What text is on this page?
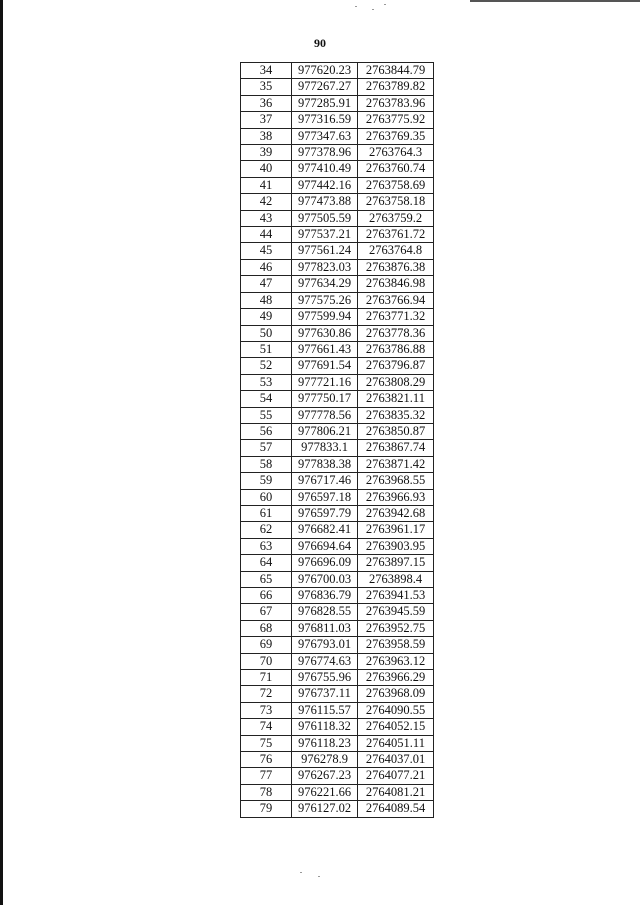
90
34	977620.23	2763844.79
35	977267.27	2763789.82
36	977285.91	2763783.96
37	977316.59	2763775.92
38	977347.63	2763769.35
39	977378.96	2763764.3
40	977410.49	2763760.74
41	977442.16	2763758.69
42	977473.88	2763758.18
43	977505.59	2763759.2
44	977537.21	2763761.72
45	977561.24	2763764.8
46	977823.03	2763876.38
47	977634.29	2763846.98
48	977575.26	2763766.94
49	977599.94	2763771.32
50	977630.86	2763778.36
51	977661.43	2763786.88
52	977691.54	2763796.87
53	977721.16	2763808.29
54	977750.17	2763821.11
55	977778.56	2763835.32
56	977806.21	2763850.87
57	977833.1	2763867.74
58	977838.38	2763871.42
59	976717.46	2763968.55
60	976597.18	2763966.93
61	976597.79	2763942.68
62	976682.41	2763961.17
63	976694.64	2763903.95
64	976696.09	2763897.15
65	976700.03	2763898.4
66	976836.79	2763941.53
67	976828.55	2763945.59
68	976811.03	2763952.75
69	976793.01	2763958.59
70	976774.63	2763963.12
71	976755.96	2763966.29
72	976737.11	2763968.09
73	976115.57	2764090.55
74	976118.32	2764052.15
75	976118.23	2764051.11
76	976278.9	2764037.01
77	976267.23	2764077.21
78	976221.66	2764081.21
79	976127.02	2764089.54
